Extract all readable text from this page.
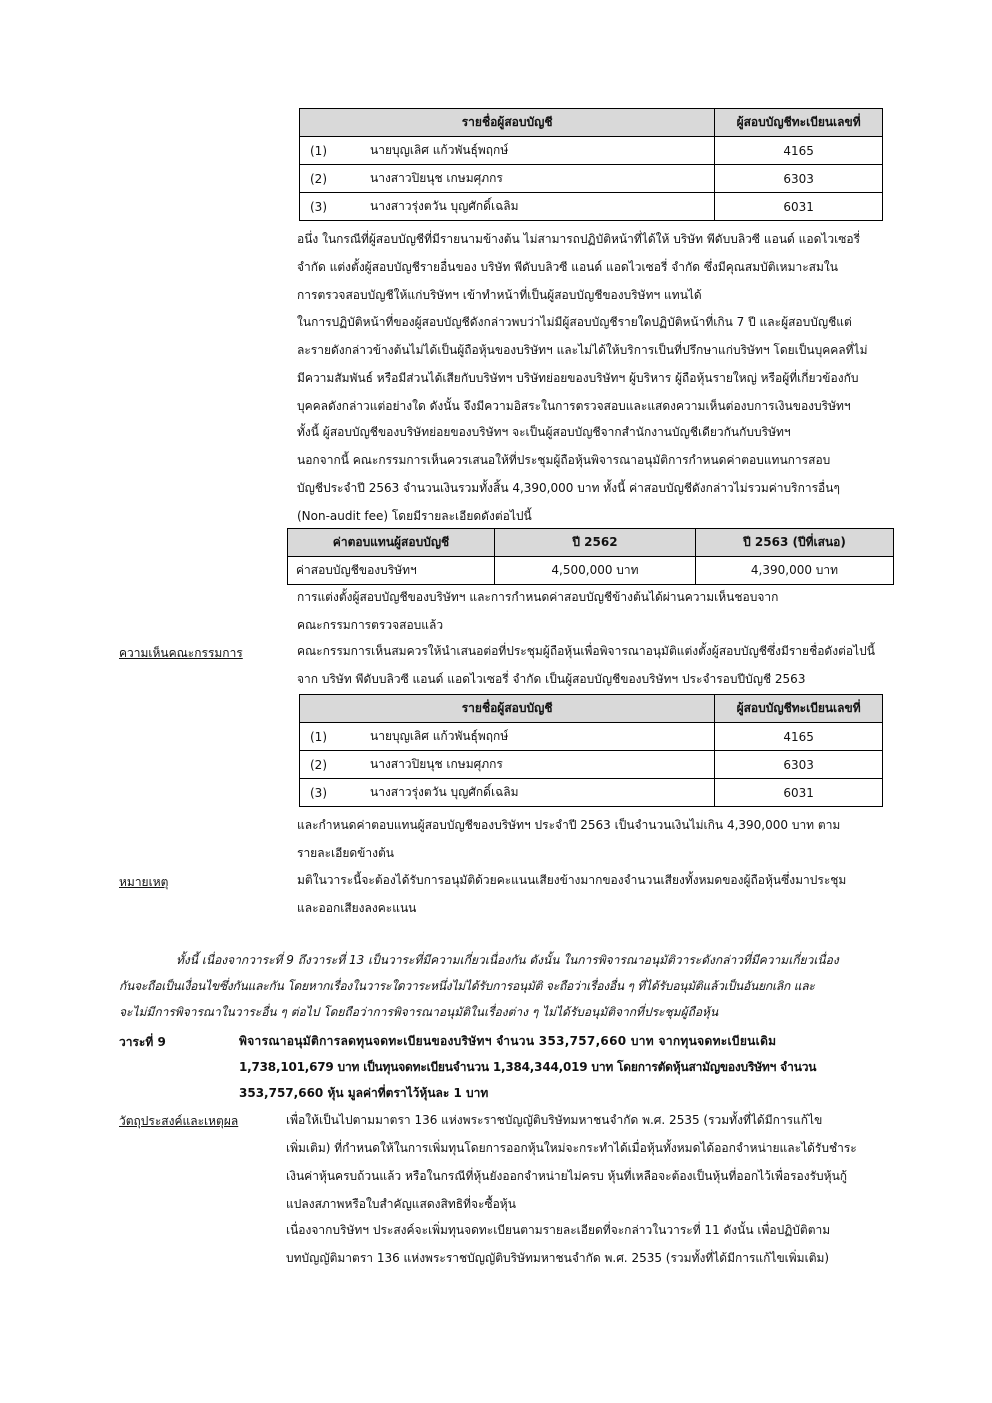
รายชื่อผู้สอบบัญชี		ผู้สอบบัญชีทะเบียนเลขที่
(1)	นายบุญเลิศ แก้วพันธุ์พฤกษ์	4165
(2)	นางสาวปิยนุช เกษมศุภกร	6303
(3)	นางสาวรุ่งตวัน บุญศักดิ์เฉลิม	6031

อนึ่ง ในกรณีที่ผู้สอบบัญชีที่มีรายนามข้างต้น ไม่สามารถปฏิบัติหน้าที่ได้ให้ บริษัท พีดับบลิวซี แอนด์ แอดไวเซอรี่

จำกัด แต่งตั้งผู้สอบบัญชีรายอื่นของ บริษัท พีดับบลิวซี แอนด์ แอดไวเซอรี่ จำกัด ซึ่งมีคุณสมบัติเหมาะสมใน

การตรวจสอบบัญชีให้แก่บริษัทฯ เข้าทำหน้าที่เป็นผู้สอบบัญชีของบริษัทฯ แทนได้

ในการปฏิบัติหน้าที่ของผู้สอบบัญชีดังกล่าวพบว่าไม่มีผู้สอบบัญชีรายใดปฏิบัติหน้าที่เกิน 7 ปี และผู้สอบบัญชีแต่

ละรายดังกล่าวข้างต้นไม่ได้เป็นผู้ถือหุ้นของบริษัทฯ และไม่ได้ให้บริการเป็นที่ปรึกษาแก่บริษัทฯ โดยเป็นบุคคลที่ไม่

มีความสัมพันธ์ หรือมีส่วนได้เสียกับบริษัทฯ บริษัทย่อยของบริษัทฯ ผู้บริหาร ผู้ถือหุ้นรายใหญ่ หรือผู้ที่เกี่ยวข้องกับ

บุคคลดังกล่าวแต่อย่างใด ดังนั้น จึงมีความอิสระในการตรวจสอบและแสดงความเห็นต่องบการเงินของบริษัทฯ

ทั้งนี้ ผู้สอบบัญชีของบริษัทย่อยของบริษัทฯ จะเป็นผู้สอบบัญชีจากสำนักงานบัญชีเดียวกันกับบริษัทฯ

นอกจากนี้ คณะกรรมการเห็นควรเสนอให้ที่ประชุมผู้ถือหุ้นพิจารณาอนุมัติการกำหนดค่าตอบแทนการสอบ

บัญชีประจำปี 2563 จำนวนเงินรวมทั้งสิ้น 4,390,000 บาท ทั้งนี้ ค่าสอบบัญชีดังกล่าวไม่รวมค่าบริการอื่นๆ

(Non-audit fee) โดยมีรายละเอียดดังต่อไปนี้

ค่าตอบแทนผู้สอบบัญชี	ปี 2562	ปี 2563 (ปีที่เสนอ)
ค่าสอบบัญชีของบริษัทฯ	4,500,000 บาท	4,390,000 บาท

การแต่งตั้งผู้สอบบัญชีของบริษัทฯ และการกำหนดค่าสอบบัญชีข้างต้นได้ผ่านความเห็นชอบจาก

คณะกรรมการตรวจสอบแล้ว

ความเห็นคณะกรรมการ	คณะกรรมการเห็นสมควรให้นำเสนอต่อที่ประชุมผู้ถือหุ้นเพื่อพิจารณาอนุมัติแต่งตั้งผู้สอบบัญชีซึ่งมีรายชื่อดังต่อไปนี้

จาก บริษัท พีดับบลิวซี แอนด์ แอดไวเซอรี่ จำกัด เป็นผู้สอบบัญชีของบริษัทฯ ประจำรอบปีบัญชี 2563

รายชื่อผู้สอบบัญชี		ผู้สอบบัญชีทะเบียนเลขที่
(1)	นายบุญเลิศ แก้วพันธุ์พฤกษ์	4165
(2)	นางสาวปิยนุช เกษมศุภกร	6303
(3)	นางสาวรุ่งตวัน บุญศักดิ์เฉลิม	6031

และกำหนดค่าตอบแทนผู้สอบบัญชีของบริษัทฯ ประจำปี 2563 เป็นจำนวนเงินไม่เกิน 4,390,000 บาท ตาม

รายละเอียดข้างต้น

หมายเหตุ	มติในวาระนี้จะต้องได้รับการอนุมัติด้วยคะแนนเสียงข้างมากของจำนวนเสียงทั้งหมดของผู้ถือหุ้นซึ่งมาประชุม

และออกเสียงลงคะแนน

ทั้งนี้ เนื่องจากวาระที่ 9 ถึงวาระที่ 13 เป็นวาระที่มีความเกี่ยวเนื่องกัน ดังนั้น ในการพิจารณาอนุมัติวาระดังกล่าวที่มีความเกี่ยวเนื่อง
กันจะถือเป็นเงื่อนไขซึ่งกันและกัน โดยหากเรื่องในวาระใดวาระหนึ่งไม่ได้รับการอนุมัติ จะถือว่าเรื่องอื่น ๆ ที่ได้รับอนุมัติแล้วเป็นอันยกเลิก และ
จะไม่มีการพิจารณาในวาระอื่น ๆ ต่อไป โดยถือว่าการพิจารณาอนุมัติในเรื่องต่าง ๆ ไม่ได้รับอนุมัติจากที่ประชุมผู้ถือหุ้น
วาระที่ 9	พิจารณาอนุมัติการลดทุนจดทะเบียนของบริษัทฯ จำนวน 353,757,660 บาท จากทุนจดทะเบียนเดิม
1,738,101,679 บาท เป็นทุนจดทะเบียนจำนวน 1,384,344,019 บาท โดยการตัดหุ้นสามัญของบริษัทฯ จำนวน
353,757,660 หุ้น มูลค่าที่ตราไว้หุ้นละ 1 บาท
วัตถุประสงค์และเหตุผล	เพื่อให้เป็นไปตามมาตรา 136 แห่งพระราชบัญญัติบริษัทมหาชนจำกัด พ.ศ. 2535 (รวมทั้งที่ได้มีการแก้ไข
เพิ่มเติม) ที่กำหนดให้ในการเพิ่มทุนโดยการออกหุ้นใหม่จะกระทำได้เมื่อหุ้นทั้งหมดได้ออกจำหน่ายและได้รับชำระ
เงินค่าหุ้นครบถ้วนแล้ว หรือในกรณีที่หุ้นยังออกจำหน่ายไม่ครบ หุ้นที่เหลือจะต้องเป็นหุ้นที่ออกไว้เพื่อรองรับหุ้นกู้
แปลงสภาพหรือใบสำคัญแสดงสิทธิที่จะซื้อหุ้น
เนื่องจากบริษัทฯ ประสงค์จะเพิ่มทุนจดทะเบียนตามรายละเอียดที่จะกล่าวในวาระที่ 11 ดังนั้น เพื่อปฏิบัติตาม
บทบัญญัติมาตรา 136 แห่งพระราชบัญญัติบริษัทมหาชนจำกัด พ.ศ. 2535 (รวมทั้งที่ได้มีการแก้ไขเพิ่มเติม)
